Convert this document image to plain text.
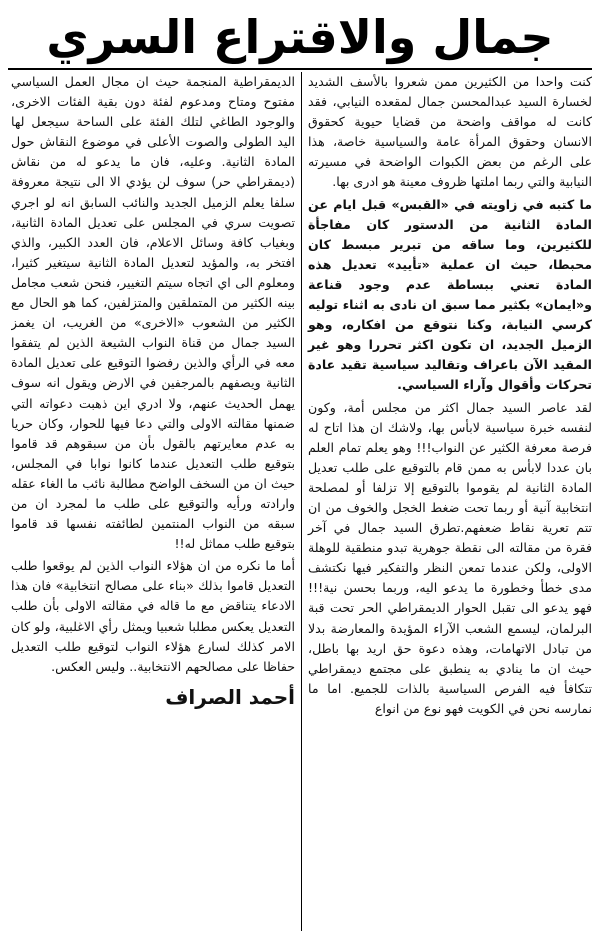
جمال والاقتراع السري

كنت واحدا من الكثيرين ممن شعروا بالأسف الشديد لخسارة السيد عبدالمحسن جمال لمقعده النيابي، فقد كانت له مواقف واضحة من قضايا حيوية كحقوق الانسان وحقوق المرأة عامة والسياسية خاصة، هذا على الرغم من بعض الكبوات الواضحة في مسيرته النيابية والتي ربما املتها ظروف معينة هو ادرى بها.

ما كتبه في زاويته في «القبس» قبل ايام عن المادة الثانية من الدستور كان مفاجأة للكثيرين، وما ساقه من تبرير مبسط كان محبطا، حيث ان عملية «تأييد» تعديل هذه المادة تعني ببساطة عدم وجود قناعة و«ايمان» بكثير مما سبق ان نادى به اثناء توليه كرسي النيابة، وكنا نتوقع من افكاره، وهو الزميل الجديد، ان تكون اكثر تحررا وهو غير المقيد الآن باعراف وتقاليد سياسية تقيد عادة تحركات وأقوال وآراء السياسي.

لقد عاصر السيد جمال اكثر من مجلس أمة، وكون لنفسه خبرة سياسية لابأس بها، ولاشك ان هذا اتاح له فرصة معرفة الكثير عن النواب!!! وهو يعلم تمام العلم بان عددا لابأس به ممن قام بالتوقيع على طلب تعديل المادة الثانية لم يقوموا بالتوقيع إلا تزلفا أو لمصلحة انتخابية آنية أو ربما تحت ضغط الخجل والخوف من ان تتم تعرية نقاط ضعفهم.تطرق السيد جمال في آخر فقرة من مقالته الى نقطة جوهرية تبدو منطقية للوهلة الاولى، ولكن عندما تمعن النظر والتفكير فيها نكتشف مدى خطأ وخطورة ما يدعو اليه، وربما بحسن نية!!! فهو يدعو الى تقبل الحوار الديمقراطي الحر تحت قبة البرلمان، ليسمع الشعب الآراء المؤيدة والمعارضة بدلا من تبادل الاتهامات، وهذه دعوة حق اريد بها باطل، حيث ان ما ينادي به ينطبق على مجتمع ديمقراطي تتكافأ فيه الفرص السياسية بالذات للجميع. اما ما نمارسه نحن في الكويت فهو نوع من انواع

الديمقراطية المنجمة حيث ان مجال العمل السياسي مفتوح ومتاح ومدعوم لفئة دون بقية الفئات الاخرى، والوجود الطاغي لتلك الفئة على الساحة سيجعل لها اليد الطولى والصوت الأعلى في موضوع النقاش حول المادة الثانية. وعليه، فان ما يدعو له من نقاش (ديمقراطي حر) سوف لن يؤدي الا الى نتيجة معروفة سلفا يعلم الزميل الجديد والنائب السابق انه لو اجري تصويت سري في المجلس على تعديل المادة الثانية، وبغياب كافة وسائل الاعلام، فان العدد الكبير، والذي افتخر به، والمؤيد لتعديل المادة الثانية سيتغير كثيرا، ومعلوم الى اي اتجاه سيتم التغيير، فنحن شعب مجامل بينه الكثير من المتملقين والمتزلفين، كما هو الحال مع الكثير من الشعوب «الاخرى» من الغريب، ان يغمز السيد جمال من قناة النواب الشيعة الذين لم يتفقوا معه في الرأي والذين رفضوا التوقيع على تعديل المادة الثانية ويصفهم بالمرجفين في الارض ويقول انه سوف يهمل الحديث عنهم، ولا ادري اين ذهبت دعواته التي ضمنها مقالته الاولى والتي دعا فيها للحوار، وكان حريا به عدم معايرتهم بالقول بأن من سبقوهم قد قاموا بتوقيع طلب التعديل عندما كانوا نوابا في المجلس، حيث ان من السخف الواضح مطالبة نائب ما الغاء عقله وارادته ورأيه والتوقيع على طلب ما لمجرد ان من سبقه من النواب المنتمين لطائفته نفسها قد قاموا بتوقيع طلب مماثل له!!

أما ما نكره من ان هؤلاء النواب الذين لم يوقعوا طلب التعديل قاموا بذلك «بناء على مصالح انتخابية» فان هذا الادعاء يتناقض مع ما قاله في مقالته الاولى بأن طلب التعديل يعكس مطلبا شعبيا ويمثل رأي الاغلبية، ولو كان الامر كذلك لسارع هؤلاء النواب لتوقيع طلب التعديل حفاظا على مصالحهم الانتخابية.. وليس العكس.

أحمد الصراف
